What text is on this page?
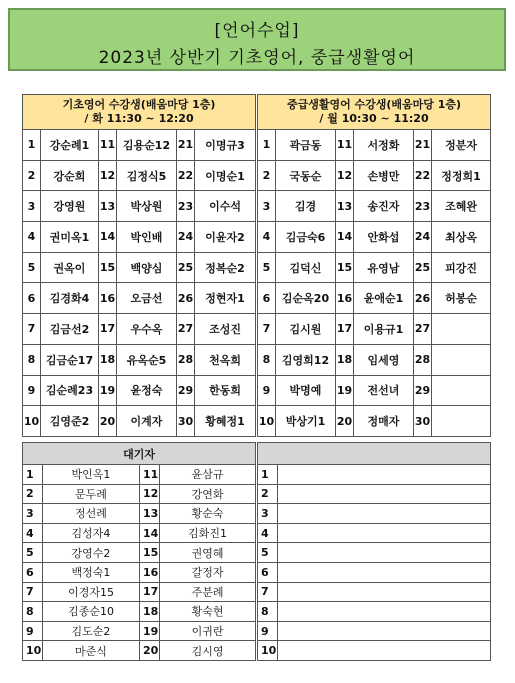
[언어수업]
2023년 상반기 기초영어, 중급생활영어
기초영어 수강생(배움마당 1층)
/ 화 11:30 ~ 12:20					

1	강순례1	11	김용순12	21	이명규3
2	강순희	12	김정식5	22	이명순1
3	강영원	13	박상원	23	이수석
4	권미옥1	14	박인배	24	이윤자2
5	권옥이	15	백양심	25	정복순2
6	김경화4	16	오금선	26	정현자1
7	김금선2	17	우수옥	27	조성진
8	김금순17	18	유옥순5	28	천옥희
9	김순례23	19	윤정숙	29	한동희
10	김영준2	20	이계자	30	황혜정1
중급생활영어 수강생(배움마당 1층)
/ 월 10:30 ~ 11:20					

1	곽금동	11	서정화	21	정분자
2	국동순	12	손병만	22	정정희1
3	김경	13	송진자	23	조혜완
4	김금숙6	14	안화섭	24	최상옥
5	김덕신	15	유영남	25	피강진
6	김순옥20	16	윤애순1	26	허봉순
7	김시원	17	이용규1	27	
8	김영희12	18	임세영	28	
9	박명예	19	전선녀	29	
10	박상기1	20	정매자	30	
대기자			
1	박인옥1	11	윤삼규
2	문두례	12	강연화
3	정선례	13	황순숙
4	김성자4	14	김화진1
5	강영수2	15	권영혜
6	백정숙1	16	갈정자
7	이경자15	17	주분례
8	김종순10	18	황숙현
9	김도순2	19	이귀란
10	마준식	20	김시영

1	
2	
3	
4	
5	
6	
7	
8	
9	
10	
